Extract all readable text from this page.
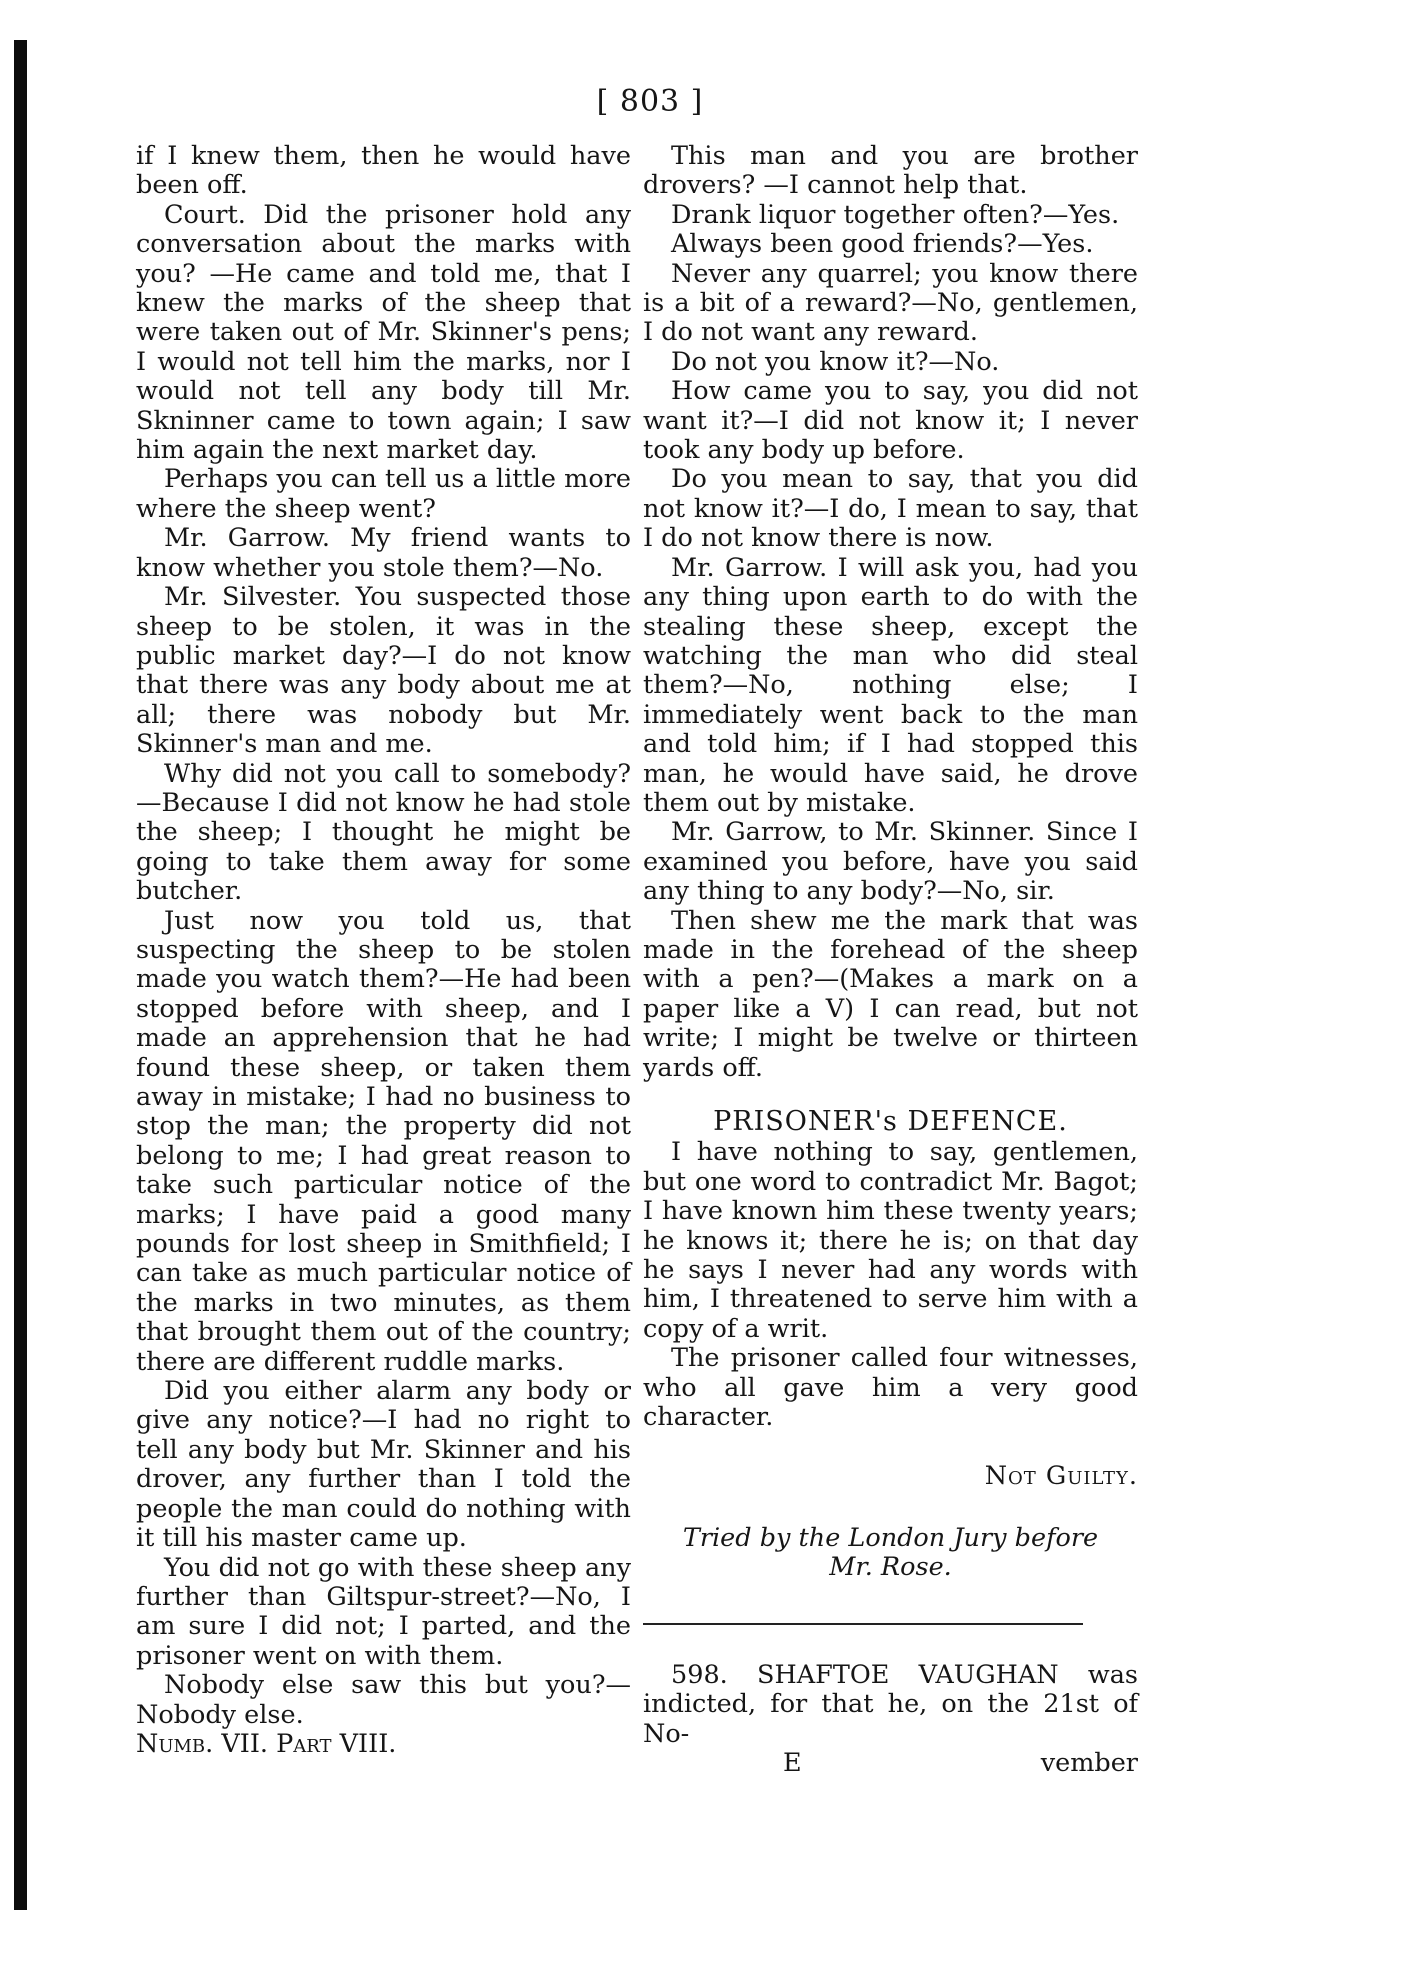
[ 803 ]

if I knew them, then he would have been off.

Court. Did the prisoner hold any conversation about the marks with you? —He came and told me, that I knew the marks of the sheep that were taken out of Mr. Skinner's pens; I would not tell him the marks, nor I would not tell any body till Mr. Skninner came to town again; I saw him again the next market day.

Perhaps you can tell us a little more where the sheep went?

Mr. Garrow. My friend wants to know whether you stole them?—No.

Mr. Silvester. You suspected those sheep to be stolen, it was in the public market day?—I do not know that there was any body about me at all; there was nobody but Mr. Skinner's man and me.

Why did not you call to somebody?—Because I did not know he had stole the sheep; I thought he might be going to take them away for some butcher.

Just now you told us, that suspecting the sheep to be stolen made you watch them?—He had been stopped before with sheep, and I made an apprehension that he had found these sheep, or taken them away in mistake; I had no business to stop the man; the property did not belong to me; I had great reason to take such particular notice of the marks; I have paid a good many pounds for lost sheep in Smithfield; I can take as much particular notice of the marks in two minutes, as them that brought them out of the country; there are different ruddle marks.

Did you either alarm any body or give any notice?—I had no right to tell any body but Mr. Skinner and his drover, any further than I told the people the man could do nothing with it till his master came up.

You did not go with these sheep any further than Giltspur-street?—No, I am sure I did not; I parted, and the prisoner went on with them.

Nobody else saw this but you?—Nobody else.

Numb. VII. Part VIII.

This man and you are brother drovers? —I cannot help that.

Drank liquor together often?—Yes.

Always been good friends?—Yes.

Never any quarrel; you know there is a bit of a reward?—No, gentlemen, I do not want any reward.

Do not you know it?—No.

How came you to say, you did not want it?—I did not know it; I never took any body up before.

Do you mean to say, that you did not know it?—I do, I mean to say, that I do not know there is now.

Mr. Garrow. I will ask you, had you any thing upon earth to do with the stealing these sheep, except the watching the man who did steal them?—No, nothing else; I immediately went back to the man and told him; if I had stopped this man, he would have said, he drove them out by mistake.

Mr. Garrow, to Mr. Skinner. Since I examined you before, have you said any thing to any body?—No, sir.

Then shew me the mark that was made in the forehead of the sheep with a pen?—(Makes a mark on a paper like a V) I can read, but not write; I might be twelve or thirteen yards off.

PRISONER's DEFENCE.

I have nothing to say, gentlemen, but one word to contradict Mr. Bagot; I have known him these twenty years; he knows it; there he is; on that day he says I never had any words with him, I threatened to serve him with a copy of a writ.

The prisoner called four witnesses, who all gave him a very good character.

Not Guilty.

Tried by the London Jury before

Mr. Rose.

598. SHAFTOE VAUGHAN was indicted, for that he, on the 21st of No-

E	vember
